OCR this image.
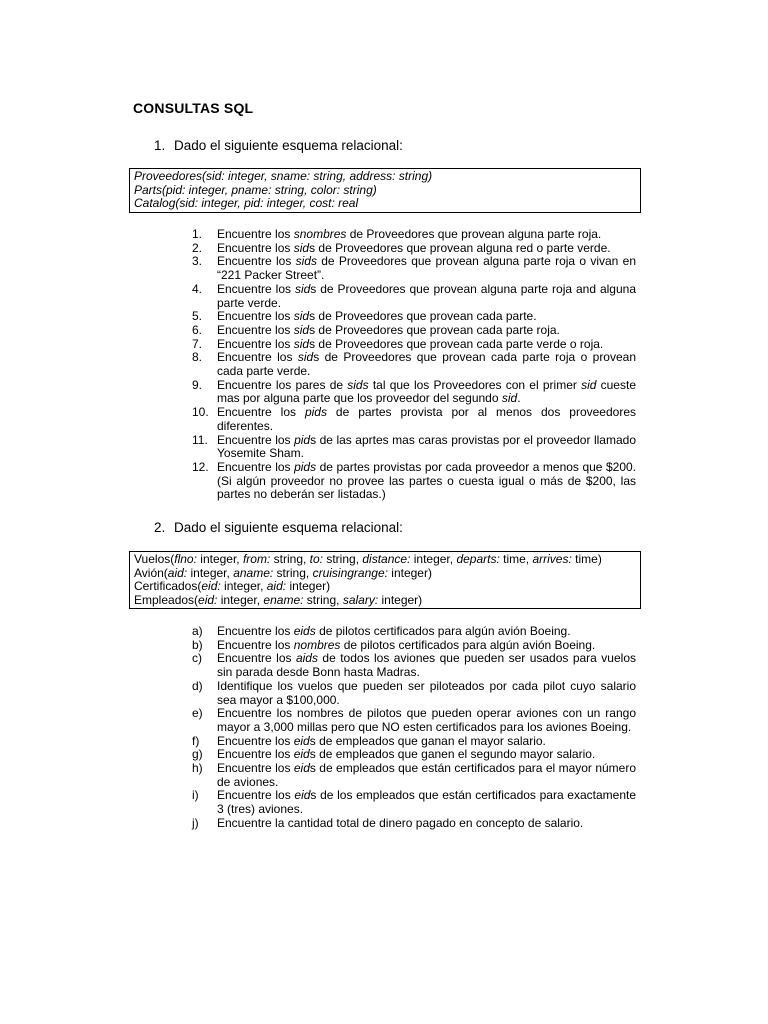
CONSULTAS SQL
1. Dado el siguiente esquema relacional:
Proveedores(sid: integer, sname: string, address: string)
Parts(pid: integer, pname: string, color: string)
Catalog(sid: integer, pid: integer, cost: real
1. Encuentre los snombres de Proveedores que provean alguna parte roja.
2. Encuentre los sids de Proveedores que provean alguna red o parte verde.
3. Encuentre los sids de Proveedores que provean alguna parte roja o vivan en “221 Packer Street”.
4. Encuentre los sids de Proveedores que provean alguna parte roja and alguna parte verde.
5. Encuentre los sids de Proveedores que provean cada parte.
6. Encuentre los sids de Proveedores que provean cada parte roja.
7. Encuentre los sids de Proveedores que provean cada parte verde o roja.
8. Encuentre los sids de Proveedores que provean cada parte roja o provean cada parte verde.
9. Encuentre los pares de sids tal que los Proveedores con el primer sid cueste mas por alguna parte que los proveedor del segundo sid.
10. Encuentre los pids de partes provista por al menos dos proveedores diferentes.
11. Encuentre los pids de las aprtes mas caras provistas por el proveedor llamado Yosemite Sham.
12. Encuentre los pids de partes provistas por cada proveedor a menos que $200. (Si algún proveedor no provee las partes o cuesta igual o más de $200, las partes no deberán ser listadas.)
2. Dado el siguiente esquema relacional:
Vuelos(flno: integer, from: string, to: string, distance: integer, departs: time, arrives: time)
Avión(aid: integer, aname: string, cruisingrange: integer)
Certificados(eid: integer, aid: integer)
Empleados(eid: integer, ename: string, salary: integer)
a) Encuentre los eids de pilotos certificados para algún avión Boeing.
b) Encuentre los nombres de pilotos certificados para algún avión Boeing.
c) Encuentre los aids de todos los aviones que pueden ser usados para vuelos sin parada desde Bonn hasta Madras.
d) Identifique los vuelos que pueden ser piloteados por cada pilot cuyo salario sea mayor a $100,000.
e) Encuentre los nombres de pilotos que pueden operar aviones con un rango mayor a 3,000 millas pero que NO esten certificados para los aviones Boeing.
f) Encuentre los eids de empleados que ganan el mayor salario.
g) Encuentre los eids de empleados que ganen el segundo mayor salario.
h) Encuentre los eids de empleados que están certificados para el mayor número de aviones.
i) Encuentre los eids de los empleados que están certificados para exactamente 3 (tres) aviones.
j) Encuentre la cantidad total de dinero pagado en concepto de salario.
